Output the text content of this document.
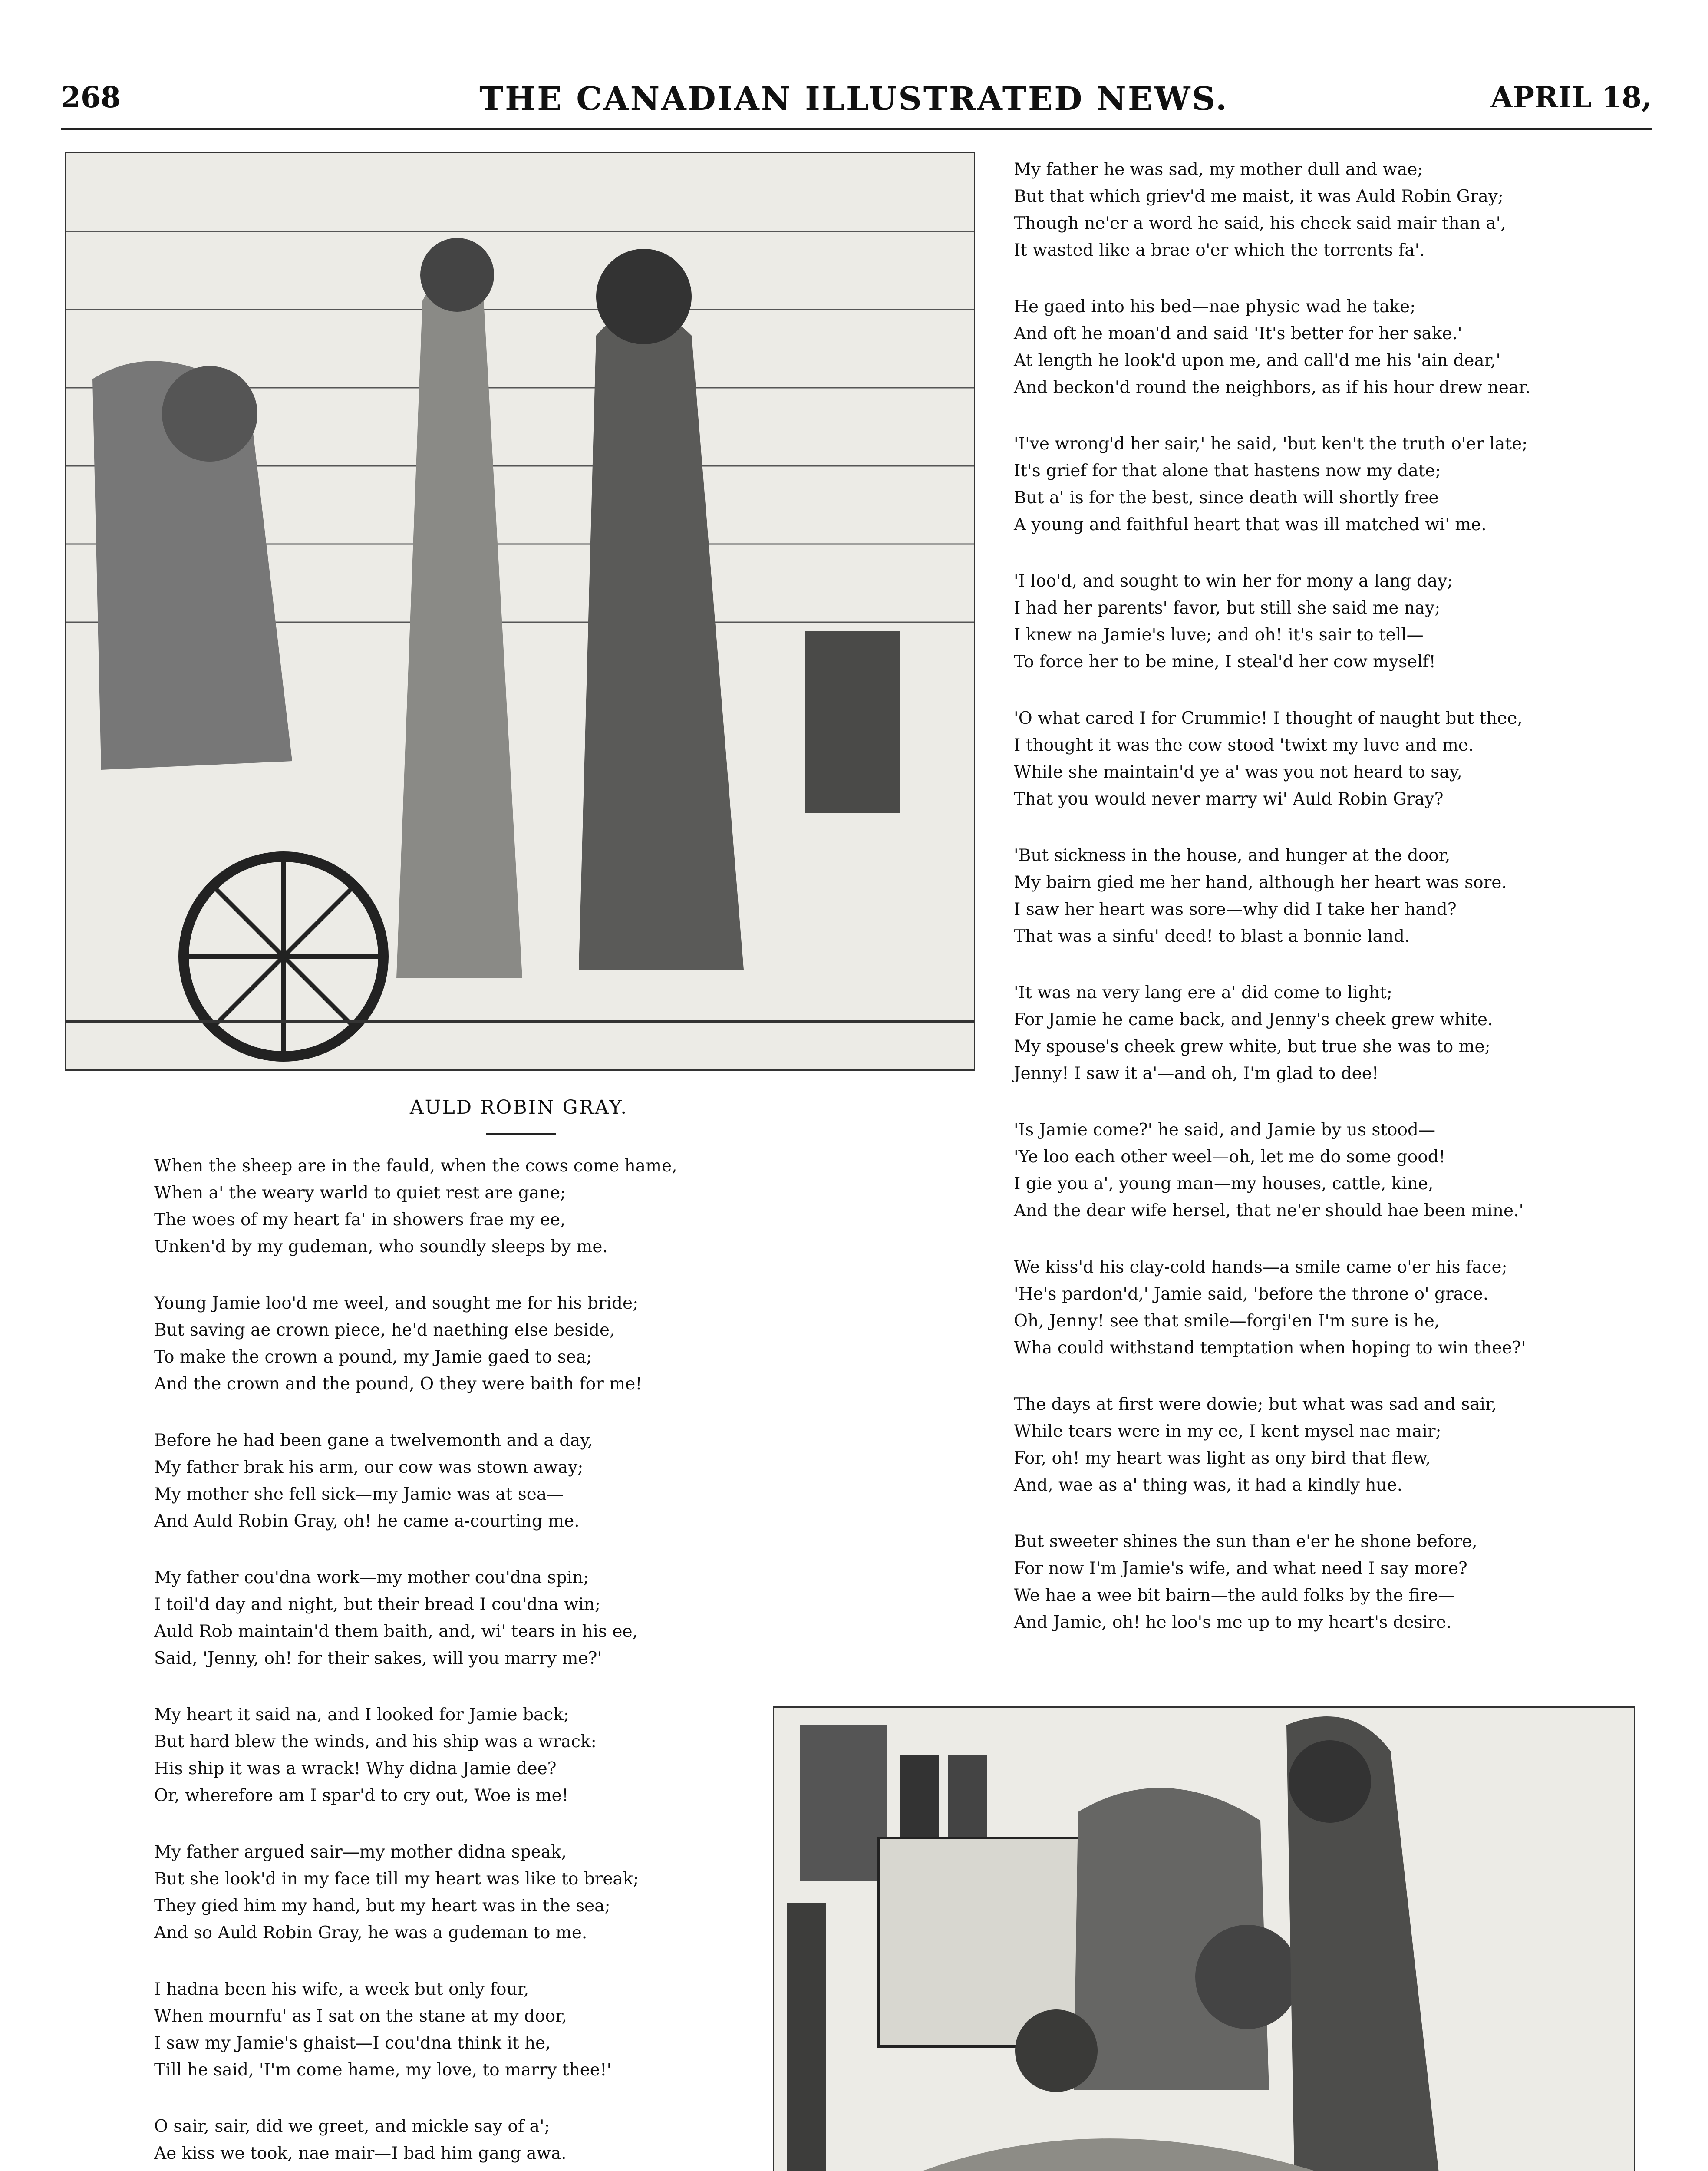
268	THE CANADIAN ILLUSTRATED NEWS.	APRIL 18,
AULD ROBIN GRAY.
When the sheep are in the fauld, when the cows come hame,
When a' the weary warld to quiet rest are gane;
The woes of my heart fa' in showers frae my ee,
Unken'd by my gudeman, who soundly sleeps by me.
Young Jamie loo'd me weel, and sought me for his bride;
But saving ae crown piece, he'd naething else beside,
To make the crown a pound, my Jamie gaed to sea;
And the crown and the pound, O they were baith for me!
Before he had been gane a twelvemonth and a day,
My father brak his arm, our cow was stown away;
My mother she fell sick—my Jamie was at sea—
And Auld Robin Gray, oh! he came a-courting me.
My father cou'dna work—my mother cou'dna spin;
I toil'd day and night, but their bread I cou'dna win;
Auld Rob maintain'd them baith, and, wi' tears in his ee,
Said, 'Jenny, oh! for their sakes, will you marry me?'
My heart it said na, and I looked for Jamie back;
But hard blew the winds, and his ship was a wrack:
His ship it was a wrack! Why didna Jamie dee?
Or, wherefore am I spar'd to cry out, Woe is me!
My father argued sair—my mother didna speak,
But she look'd in my face till my heart was like to break;
They gied him my hand, but my heart was in the sea;
And so Auld Robin Gray, he was a gudeman to me.
I hadna been his wife, a week but only four,
When mournfu' as I sat on the stane at my door,
I saw my Jamie's ghaist—I cou'dna think it he,
Till he said, 'I'm come hame, my love, to marry thee!'
O sair, sair, did we greet, and mickle say of a';
Ae kiss we took, nae mair—I bad him gang awa.
My father he was sad, my mother dull and wae;
But that which griev'd me maist, it was Auld Robin Gray;
Though ne'er a word he said, his cheek said mair than a',
It wasted like a brae o'er which the torrents fa'.
He gaed into his bed—nae physic wad he take;
And oft he moan'd and said 'It's better for her sake.'
At length he look'd upon me, and call'd me his 'ain dear,'
And beckon'd round the neighbors, as if his hour drew near.
'I've wrong'd her sair,' he said, 'but ken't the truth o'er late;
It's grief for that alone that hastens now my date;
But a' is for the best, since death will shortly free
A young and faithful heart that was ill matched wi' me.
'I loo'd, and sought to win her for mony a lang day;
I had her parents' favor, but still she said me nay;
I knew na Jamie's luve; and oh! it's sair to tell—
To force her to be mine, I steal'd her cow myself!
'O what cared I for Crummie! I thought of naught but thee,
I thought it was the cow stood 'twixt my luve and me.
While she maintain'd ye a' was you not heard to say,
That you would never marry wi' Auld Robin Gray?
'But sickness in the house, and hunger at the door,
My bairn gied me her hand, although her heart was sore.
I saw her heart was sore—why did I take her hand?
That was a sinfu' deed! to blast a bonnie land.
'It was na very lang ere a' did come to light;
For Jamie he came back, and Jenny's cheek grew white.
My spouse's cheek grew white, but true she was to me;
Jenny! I saw it a'—and oh, I'm glad to dee!
'Is Jamie come?' he said, and Jamie by us stood—
'Ye loo each other weel—oh, let me do some good!
I gie you a', young man—my houses, cattle, kine,
And the dear wife hersel, that ne'er should hae been mine.'
We kiss'd his clay-cold hands—a smile came o'er his face;
'He's pardon'd,' Jamie said, 'before the throne o' grace.
Oh, Jenny! see that smile—forgi'en I'm sure is he,
Wha could withstand temptation when hoping to win thee?'
The days at first were dowie; but what was sad and sair,
While tears were in my ee, I kent mysel nae mair;
For, oh! my heart was light as ony bird that flew,
And, wae as a' thing was, it had a kindly hue.
But sweeter shines the sun than e'er he shone before,
For now I'm Jamie's wife, and what need I say more?
We hae a wee bit bairn—the auld folks by the fire—
And Jamie, oh! he loo's me up to my heart's desire.
